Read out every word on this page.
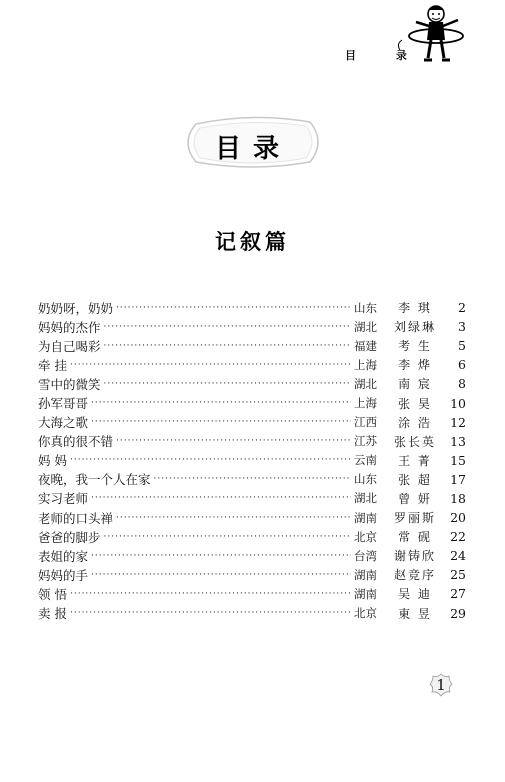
目 录
目录
记叙篇
奶奶呀，奶奶 ·····	山东	李 琪	2
妈妈的杰作 ·····	湖北	刘绿琳	3
为自己喝彩 ·····	福建	考 生	5
牵 挂 ·····	上海	李 烨	6
雪中的微笑 ·····	湖北	南 宸	8
孙军哥哥 ·····	上海	张 昊	10
大海之歌 ·····	江西	涂 浩	12
你真的很不错 ·····	江苏	张长英	13
妈 妈 ·····	云南	王 菁	15
夜晚，我一个人在家 ·····	山东	张 超	17
实习老师 ·····	湖北	曾 妍	18
老师的口头禅 ·····	湖南	罗丽斯	20
爸爸的脚步 ·····	北京	常 砚	22
表姐的家 ·····	台湾	谢铸欣	24
妈妈的手 ·····	湖南	赵竞序	25
领 悟 ·····	湖南	吴 迪	27
卖 报 ·····	北京	東 昱	29
1
